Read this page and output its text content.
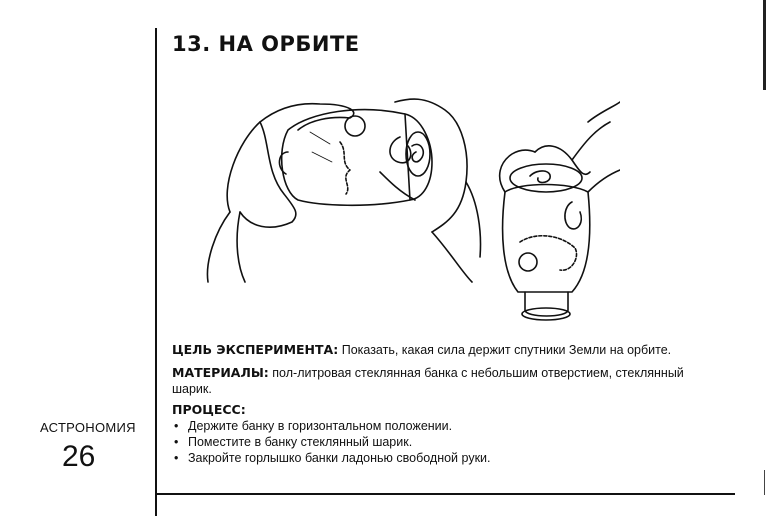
13. НА ОРБИТЕ
ЦЕЛЬ ЭКСПЕРИМЕНТА: Показать, какая сила держит спутники Земли на орбите.
МАТЕРИАЛЫ: пол-литровая стеклянная банка с небольшим отверстием, стеклянный шарик.
ПРОЦЕСС:
• Держите банку в горизонтальном положении.
• Поместите в банку стеклянный шарик.
• Закройте горлышко банки ладонью свободной руки.
АСТРОНОМИЯ
26
